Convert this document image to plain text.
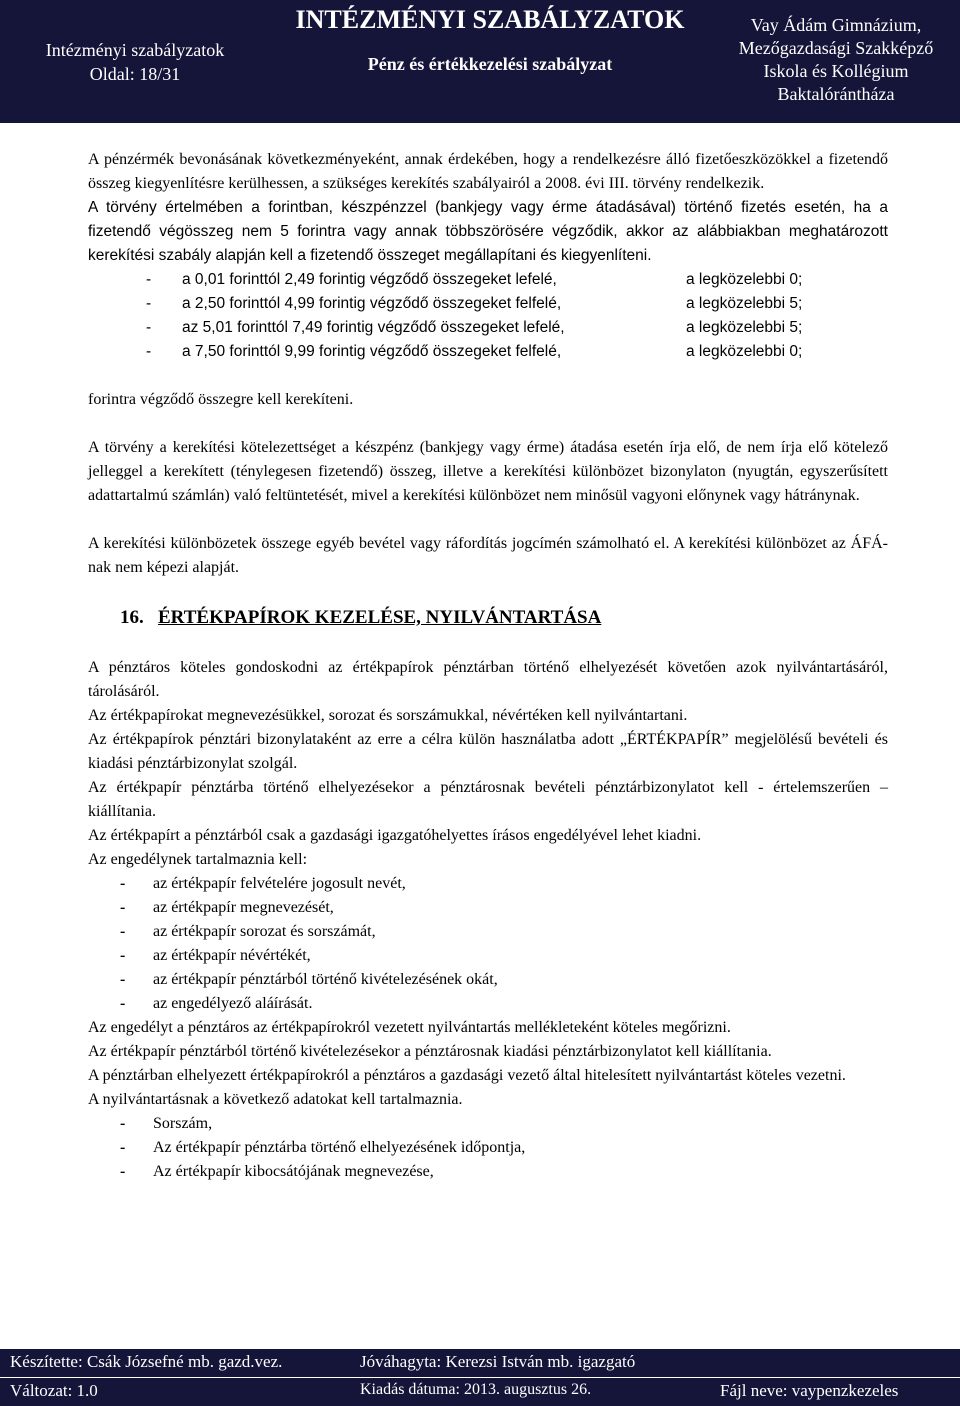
Intézményi szabályzatok
Oldal: 18/31
INTÉZMÉNYI SZABÁLYZATOK
Pénz és értékkezelési szabályzat
Vay Ádám Gimnázium,
Mezőgazdasági Szakképző
Iskola és Kollégium
Baktalórántháza

A pénzérmék bevonásának következményeként, annak érdekében, hogy a rendelkezésre álló fizetőeszközökkel a fizetendő összeg kiegyenlítésre kerülhessen, a szükséges kerekítés szabályairól a 2008. évi III. törvény rendelkezik.

A törvény értelmében a forintban, készpénzzel (bankjegy vagy érme átadásával) történő fizetés esetén, ha a fizetendő végösszeg nem 5 forintra vagy annak többszörösére végződik, akkor az alábbiakban meghatározott kerekítési szabály alapján kell a fizetendő összeget megállapítani és kiegyenlíteni.

- a 0,01 forinttól 2,49 forintig végződő összegeket lefelé,	a legközelebbi 0;
- a 2,50 forinttól 4,99 forintig végződő összegeket felfelé,	a legközelebbi 5;
- az 5,01 forinttól 7,49 forintig végződő összegeket lefelé,	a legközelebbi 5;
- a 7,50 forinttól 9,99 forintig végződő összegeket felfelé,	a legközelebbi 0;

forintra végződő összegre kell kerekíteni.

A törvény a kerekítési kötelezettséget a készpénz (bankjegy vagy érme) átadása esetén írja elő, de nem írja elő kötelező jelleggel a kerekített (ténylegesen fizetendő) összeg, illetve a kerekítési különbözet bizonylaton (nyugtán, egyszerűsített adattartalmú számlán) való feltüntetését, mivel a kerekítési különbözet nem minősül vagyoni előnynek vagy hátránynak.

A kerekítési különbözetek összege egyéb bevétel vagy ráfordítás jogcímén számolható el. A kerekítési különbözet az ÁFÁ-nak nem képezi alapját.

16. ÉRTÉKPAPÍROK KEZELÉSE, NYILVÁNTARTÁSA

A pénztáros köteles gondoskodni az értékpapírok pénztárban történő elhelyezését követően azok nyilvántartásáról, tárolásáról.

Az értékpapírokat megnevezésükkel, sorozat és sorszámukkal, névértéken kell nyilvántartani.

Az értékpapírok pénztári bizonylataként az erre a célra külön használatba adott „ÉRTÉKPAPÍR” megjelölésű bevételi és kiadási pénztárbizonylat szolgál.

Az értékpapír pénztárba történő elhelyezésekor a pénztárosnak bevételi pénztárbizonylatot kell - értelemszerűen – kiállítania.

Az értékpapírt a pénztárból csak a gazdasági igazgatóhelyettes írásos engedélyével lehet kiadni.

Az engedélynek tartalmaznia kell:

- az értékpapír felvételére jogosult nevét,
- az értékpapír megnevezését,
- az értékpapír sorozat és sorszámát,
- az értékpapír névértékét,
- az értékpapír pénztárból történő kivételezésének okát,
- az engedélyező aláírását.

Az engedélyt a pénztáros az értékpapírokról vezetett nyilvántartás mellékleteként köteles megőrizni.

Az értékpapír pénztárból történő kivételezésekor a pénztárosnak kiadási pénztárbizonylatot kell kiállítania.

A pénztárban elhelyezett értékpapírokról a pénztáros a gazdasági vezető által hitelesített nyilvántartást köteles vezetni.

A nyilvántartásnak a következő adatokat kell tartalmaznia.

- Sorszám,
- Az értékpapír pénztárba történő elhelyezésének időpontja,
- Az értékpapír kibocsátójának megnevezése,
Készítette: Csák Józsefné mb. gazd.vez.	Jóváhagyta: Kerezsi István mb. igazgató
Változat: 1.0	Kiadás dátuma: 2013. augusztus 26.	Fájl neve: vaypenzkezeles
